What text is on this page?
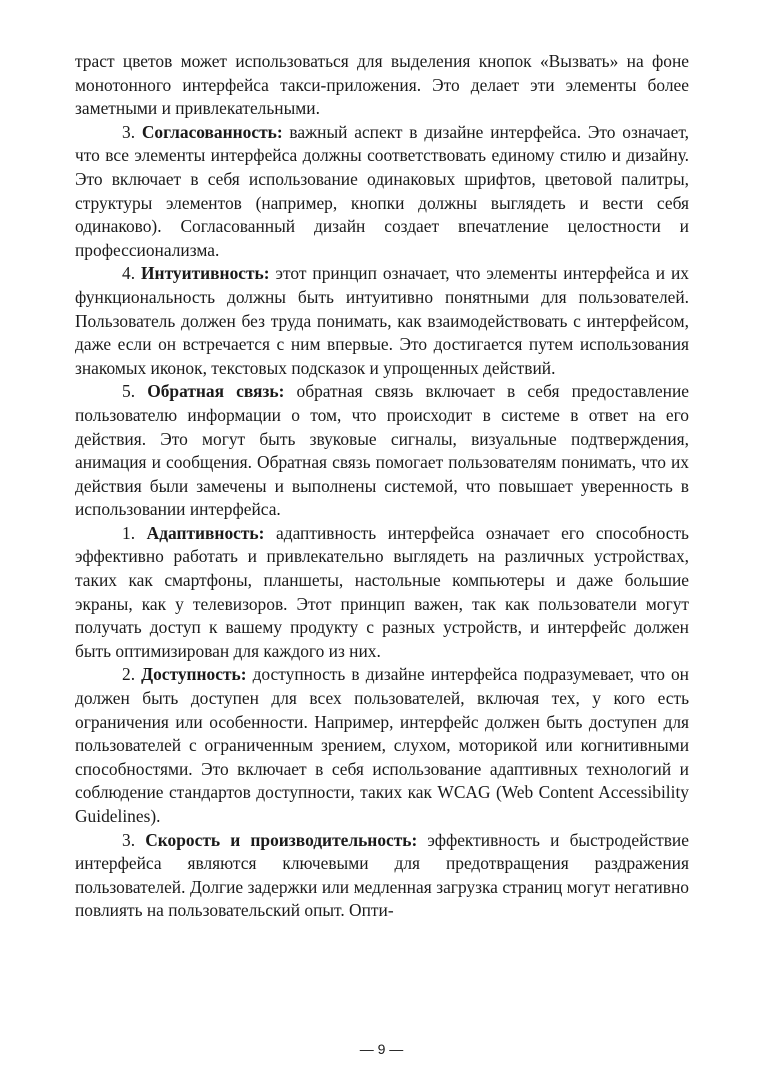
траст цветов может использоваться для выделения кнопок «Вызвать» на фоне монотонного интерфейса такси-приложения. Это делает эти элементы более заметными и привлекательными.

3. Согласованность: важный аспект в дизайне интерфейса. Это означает, что все элементы интерфейса должны соответствовать единому стилю и дизайну. Это включает в себя использование одинаковых шрифтов, цветовой палитры, структуры элементов (например, кнопки должны выглядеть и вести себя одинаково). Согласованный дизайн создает впечатление целостности и профессионализма.

4. Интуитивность: этот принцип означает, что элементы интерфейса и их функциональность должны быть интуитивно понятными для пользователей. Пользователь должен без труда понимать, как взаимодействовать с интерфейсом, даже если он встречается с ним впервые. Это достигается путем использования знакомых иконок, текстовых подсказок и упрощенных действий.

5. Обратная связь: обратная связь включает в себя предоставление пользователю информации о том, что происходит в системе в ответ на его действия. Это могут быть звуковые сигналы, визуальные подтверждения, анимация и сообщения. Обратная связь помогает пользователям понимать, что их действия были замечены и выполнены системой, что повышает уверенность в использовании интерфейса.

1. Адаптивность: адаптивность интерфейса означает его способность эффективно работать и привлекательно выглядеть на различных устройствах, таких как смартфоны, планшеты, настольные компьютеры и даже большие экраны, как у телевизоров. Этот принцип важен, так как пользователи могут получать доступ к вашему продукту с разных устройств, и интерфейс должен быть оптимизирован для каждого из них.

2. Доступность: доступность в дизайне интерфейса подразумевает, что он должен быть доступен для всех пользователей, включая тех, у кого есть ограничения или особенности. Например, интерфейс должен быть доступен для пользователей с ограниченным зрением, слухом, моторикой или когнитивными способностями. Это включает в себя использование адаптивных технологий и соблюдение стандартов доступности, таких как WCAG (Web Content Accessibility Guidelines).

3. Скорость и производительность: эффективность и быстродействие интерфейса являются ключевыми для предотвращения раздражения пользователей. Долгие задержки или медленная загрузка страниц могут негативно повлиять на пользовательский опыт. Опти-

— 9 —
